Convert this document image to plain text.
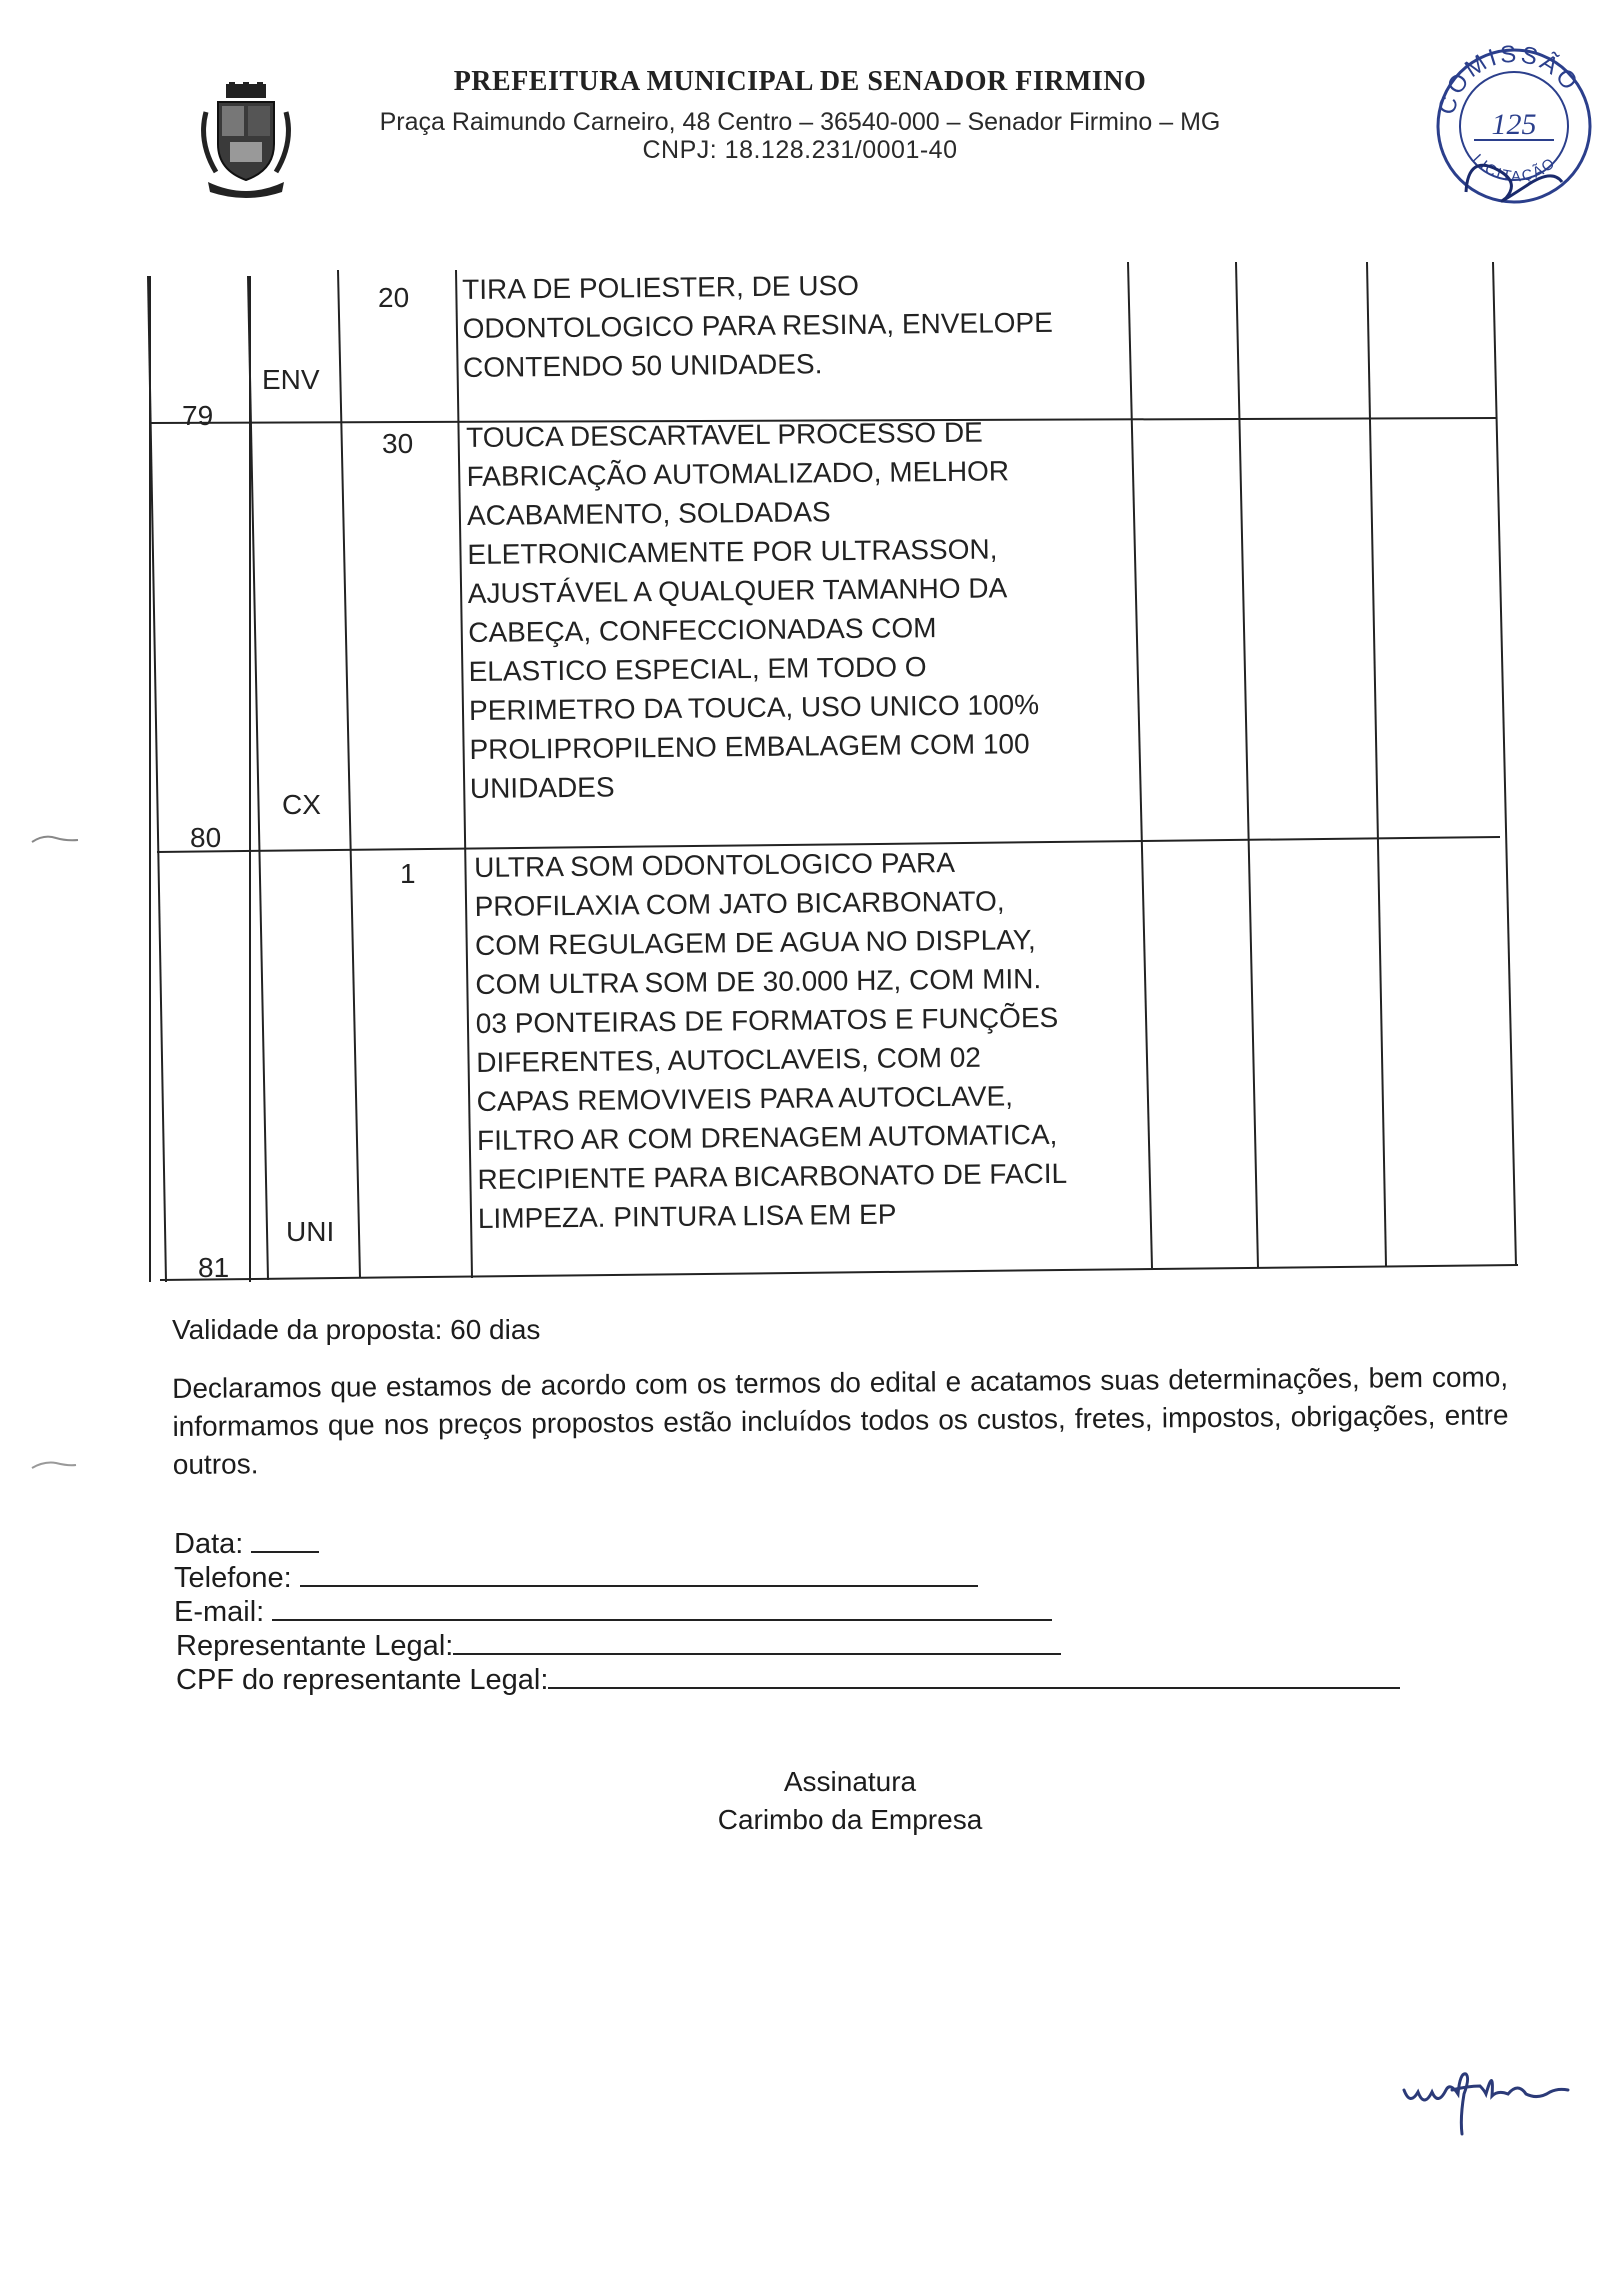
PREFEITURA MUNICIPAL DE SENADOR FIRMINO
Praça Raimundo Carneiro, 48 Centro – 36540-000 – Senador Firmino – MG
CNPJ: 18.128.231/0001-40
COMISSÃO
125
LICITAÇÃO
79
ENV
20 TIRA DE POLIESTER, DE USO
ODONTOLOGICO PARA RESINA, ENVELOPE
CONTENDO 50 UNIDADES.
80
CX
30 TOUCA DESCARTAVEL PROCESSO DE
FABRICAÇÃO AUTOMALIZADO, MELHOR
ACABAMENTO, SOLDADAS
ELETRONICAMENTE POR ULTRASSON,
AJUSTÁVEL A QUALQUER TAMANHO DA
CABEÇA, CONFECCIONADAS COM
ELASTICO ESPECIAL, EM TODO O
PERIMETRO DA TOUCA, USO UNICO 100%
PROLIPROPILENO EMBALAGEM COM 100
UNIDADES
81
UNI
1 ULTRA SOM ODONTOLOGICO PARA
PROFILAXIA COM JATO BICARBONATO,
COM REGULAGEM DE AGUA NO DISPLAY,
COM ULTRA SOM DE 30.000 HZ, COM MIN.
03 PONTEIRAS DE FORMATOS E FUNÇÕES
DIFERENTES, AUTOCLAVEIS, COM 02
CAPAS REMOVIVEIS PARA AUTOCLAVE,
FILTRO AR COM DRENAGEM AUTOMATICA,
RECIPIENTE PARA BICARBONATO DE FACIL
LIMPEZA. PINTURA LISA EM EP
Validade da proposta: 60 dias
Declaramos que estamos de acordo com os termos do edital e acatamos suas determinações, bem como, informamos que nos preços propostos estão incluídos todos os custos, fretes, impostos, obrigações, entre outros.
Data:
Telefone:
E-mail:
Representante Legal:
CPF do representante Legal:
Assinatura
Carimbo da Empresa
